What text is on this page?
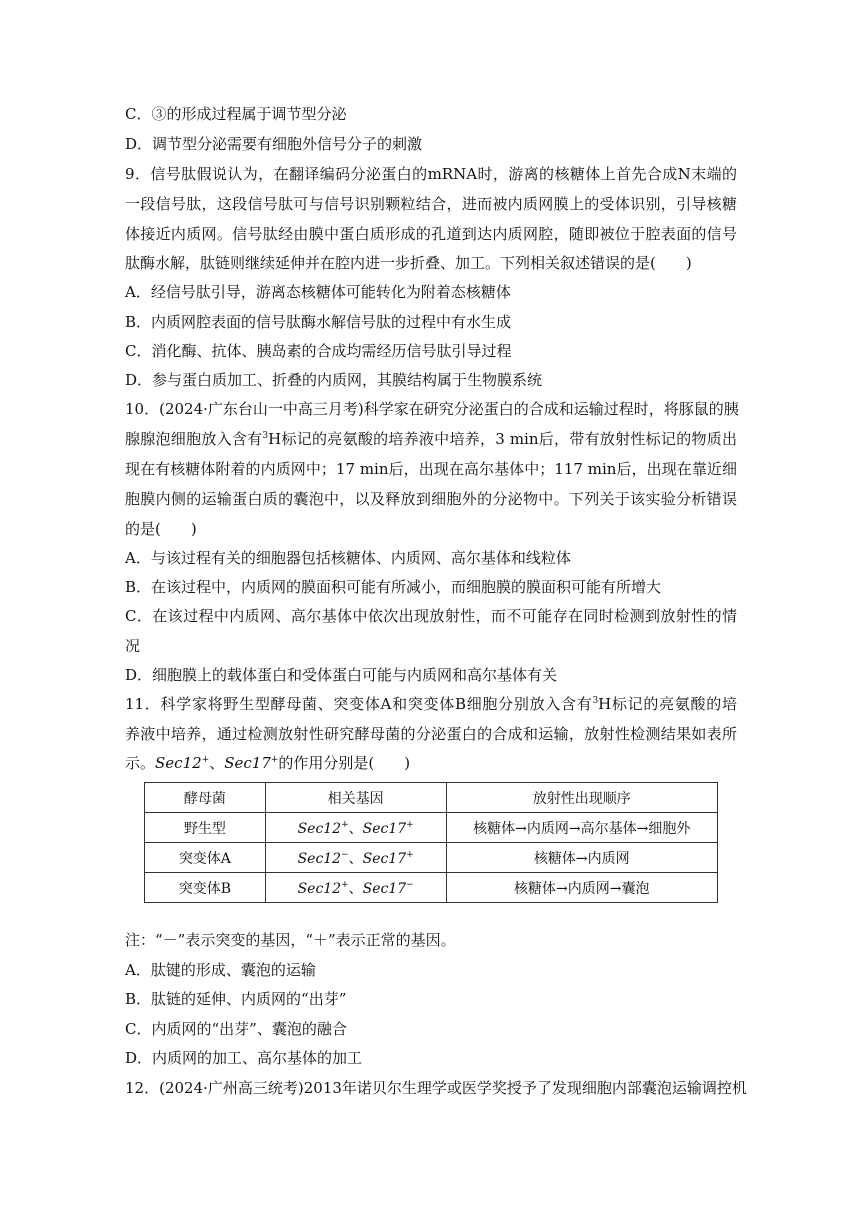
C．③的形成过程属于调节型分泌
D．调节型分泌需要有细胞外信号分子的刺激
9．信号肽假说认为，在翻译编码分泌蛋白的mRNA时，游离的核糖体上首先合成N末端的
一段信号肽，这段信号肽可与信号识别颗粒结合，进而被内质网膜上的受体识别，引导核糖
体接近内质网。信号肽经由膜中蛋白质形成的孔道到达内质网腔，随即被位于腔表面的信号
肽酶水解，肽链则继续延伸并在腔内进一步折叠、加工。下列相关叙述错误的是(　　)
A．经信号肽引导，游离态核糖体可能转化为附着态核糖体
B．内质网腔表面的信号肽酶水解信号肽的过程中有水生成
C．消化酶、抗体、胰岛素的合成均需经历信号肽引导过程
D．参与蛋白质加工、折叠的内质网，其膜结构属于生物膜系统
10．(2024·广东台山一中高三月考)科学家在研究分泌蛋白的合成和运输过程时，将豚鼠的胰
腺腺泡细胞放入含有$^3$H标记的亮氨酸的培养液中培养，3 min后，带有放射性标记的物质出
现在有核糖体附着的内质网中；17 min后，出现在高尔基体中；117 min后，出现在靠近细
胞膜内侧的运输蛋白质的囊泡中，以及释放到细胞外的分泌物中。下列关于该实验分析错误
的是(　　)
A．与该过程有关的细胞器包括核糖体、内质网、高尔基体和线粒体
B．在该过程中，内质网的膜面积可能有所减小，而细胞膜的膜面积可能有所增大
C．在该过程中内质网、高尔基体中依次出现放射性，而不可能存在同时检测到放射性的情
况
D．细胞膜上的载体蛋白和受体蛋白可能与内质网和高尔基体有关
11．科学家将野生型酵母菌、突变体A和突变体B细胞分别放入含有$^3$H标记的亮氨酸的培
养液中培养，通过检测放射性研究酵母菌的分泌蛋白的合成和运输，放射性检测结果如表所
示。Sec12+、Sec17+的作用分别是(　　)
酵母菌	相关基因	放射性出现顺序
野生型	Sec12+、Sec17+	核糖体→内质网→高尔基体→细胞外
突变体A	Sec12−、Sec17+	核糖体→内质网
突变体B	Sec12+、Sec17−	核糖体→内质网→囊泡
注：“－”表示突变的基因，“＋”表示正常的基因。
A．肽键的形成、囊泡的运输
B．肽链的延伸、内质网的“出芽”
C．内质网的“出芽”、囊泡的融合
D．内质网的加工、高尔基体的加工
12．(2024·广州高三统考)2013年诺贝尔生理学或医学奖授予了发现细胞内部囊泡运输调控机
